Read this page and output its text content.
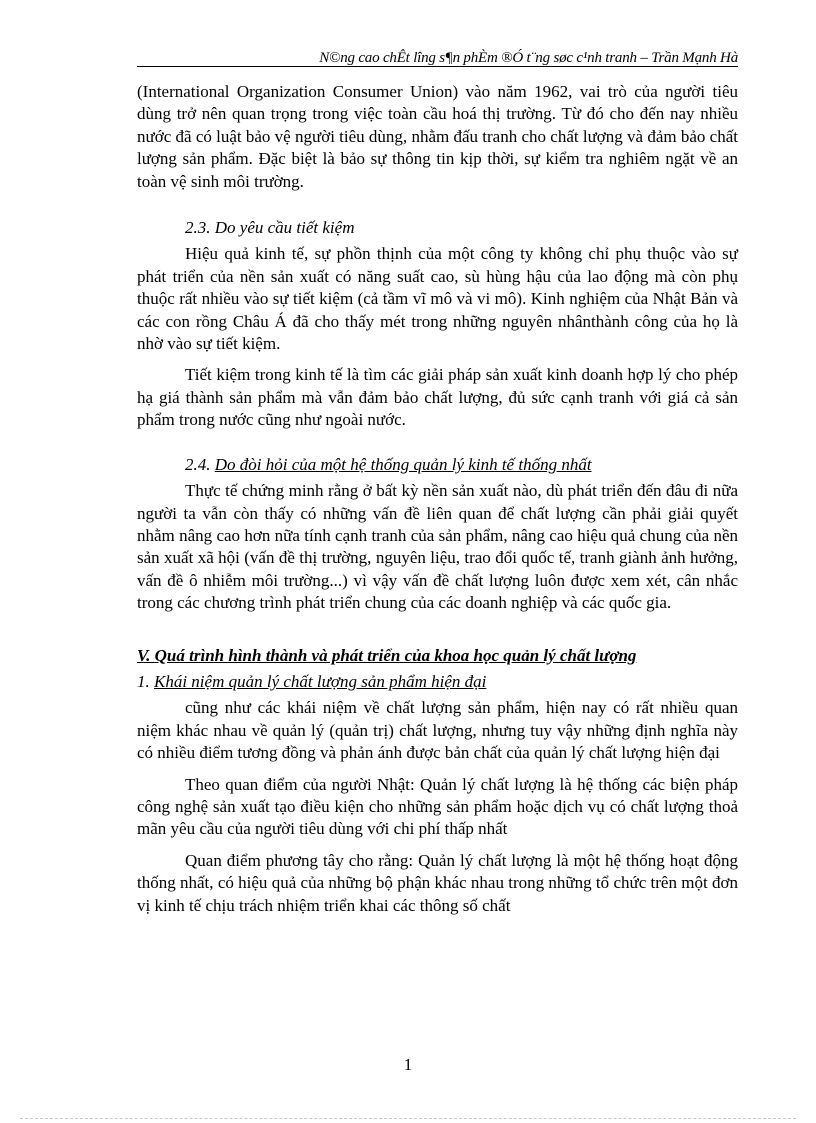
N©ng cao chÊt lîng s¶n phÈm ®Ó t¨ng søc c¹nh tranh – Trần Mạnh Hà

(International Organization Consumer Union) vào năm 1962, vai trò của người tiêu dùng trở nên quan trọng trong việc toàn cầu hoá thị trường. Từ đó cho đến nay nhiều nước đã có luật bảo vệ người tiêu dùng, nhằm đấu tranh cho chất lượng và đảm bảo chất lượng sản phẩm. Đặc biệt là bảo sự thông tin kịp thời, sự kiểm tra nghiêm ngặt về an toàn vệ sinh môi trường.

2.3. Do yêu cầu tiết kiệm

Hiệu quả kinh tế, sự phồn thịnh của một công ty không chỉ phụ thuộc vào sự phát triển của nền sản xuất có năng suất cao, sù hùng hậu của lao động mà còn phụ thuộc rất nhiều vào sự tiết kiệm (cả tầm vĩ mô và vi mô). Kinh nghiệm của Nhật Bản và các con rồng Châu Á đã cho thấy mét trong những nguyên nhânthành công của họ là nhờ vào sự tiết kiệm.

Tiết kiệm trong kinh tế là tìm các giải pháp sản xuất kinh doanh hợp lý cho phép hạ giá thành sản phẩm mà vẫn đảm bảo chất lượng, đủ sức cạnh tranh với giá cả sản phẩm trong nước cũng như ngoài nước.

2.4. Do đòi hỏi của một hệ thống quản lý kinh tế thống nhất

Thực tế chứng minh rằng ở bất kỳ nền sản xuất nào, dù phát triển đến đâu đi nữa người ta vẫn còn thấy có những vấn đề liên quan để chất lượng cần phải giải quyết nhằm nâng cao hơn nữa tính cạnh tranh của sản phẩm, nâng cao hiệu quả chung của nền sản xuất xã hội (vấn đề thị trường, nguyên liệu, trao đổi quốc tế, tranh giành ảnh hưởng, vấn đề ô nhiễm môi trường...) vì vậy vấn đề chất lượng luôn được xem xét, cân nhắc trong các chương trình phát triển chung của các doanh nghiệp và các quốc gia.

V. Quá trình hình thành và phát triển của khoa học quản lý chất lượng
1. Khái niệm quản lý chất lượng sản phẩm hiện đại

cũng như các khái niệm về chất lượng sản phẩm, hiện nay có rất nhiều quan niệm khác nhau về quản lý (quản trị) chất lượng, nhưng tuy vậy những định nghĩa này có nhiều điểm tương đồng và phản ánh được bản chất của quản lý chất lượng hiện đại

Theo quan điểm của người Nhật: Quản lý chất lượng là hệ thống các biện pháp công nghệ sản xuất tạo điều kiện cho những sản phẩm hoặc dịch vụ có chất lượng thoả mãn yêu cầu của người tiêu dùng với chi phí thấp nhất

Quan điểm phương tây cho rằng: Quản lý chất lượng là một hệ thống hoạt động thống nhất, có hiệu quả của những bộ phận khác nhau trong những tổ chức trên một đơn vị kinh tế chịu trách nhiệm triển khai các thông số chất

1
